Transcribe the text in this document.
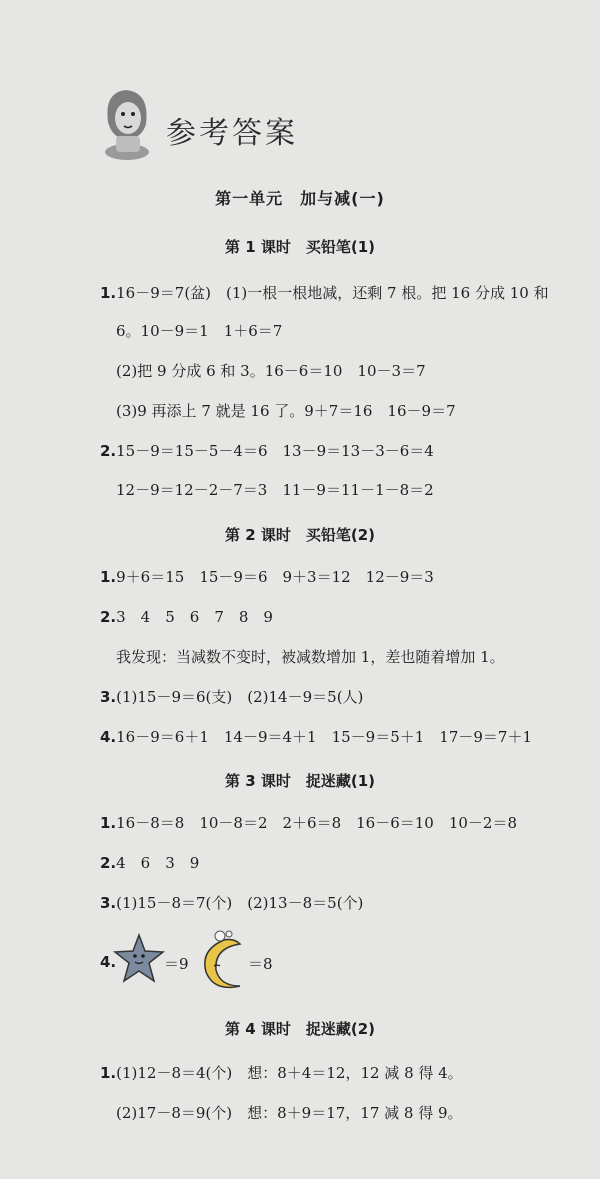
参考答案
第一单元　加与减(一)
第 1 课时　买铅笔(1)
1.16－9＝7(盆)　(1)一根一根地减，还剩 7 根。把 16 分成 10 和
6。10－9＝1　1＋6＝7
(2)把 9 分成 6 和 3。16－6＝10　10－3＝7
(3)9 再添上 7 就是 16 了。9＋7＝16　16－9＝7
2.15－9＝15－5－4＝6　13－9＝13－3－6＝4
12－9＝12－2－7＝3　11－9＝11－1－8＝2
第 2 课时　买铅笔(2)
1.9＋6＝15　15－9＝6　9＋3＝12　12－9＝3
2.3　4　5　6　7　8　9
我发现：当减数不变时，被减数增加 1，差也随着增加 1。
3.(1)15－9＝6(支)　(2)14－9＝5(人)
4.16－9＝6＋1　14－9＝4＋1　15－9＝5＋1　17－9＝7＋1
第 3 课时　捉迷藏(1)
1.16－8＝8　10－8＝2　2＋6＝8　16－6＝10　10－2＝8
2.4　6　3　9
3.(1)15－8＝7(个)　(2)13－8＝5(个)
4.	＝9	＝8
第 4 课时　捉迷藏(2)
1.(1)12－8＝4(个)　想：8＋4＝12，12 减 8 得 4。
(2)17－8＝9(个)　想：8＋9＝17，17 减 8 得 9。
